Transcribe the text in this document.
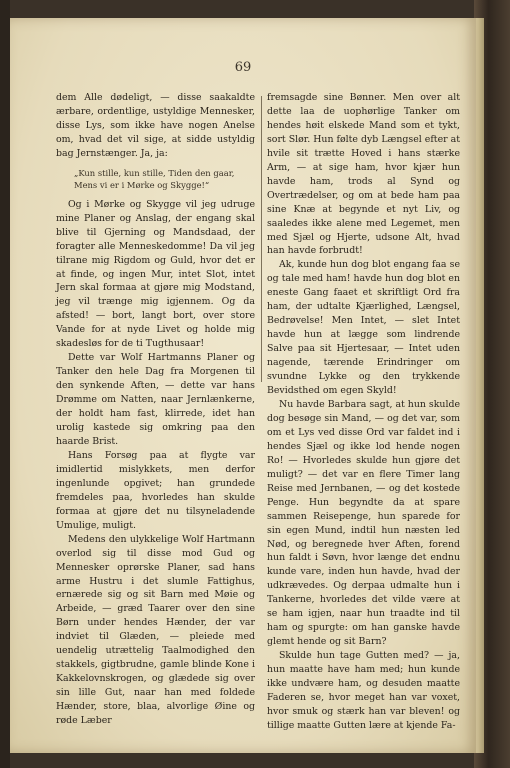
69

dem Alle dødeligt, — disse saakaldte ærbare, ordentlige, ustyldige Mennesker, disse Lys, som ikke have nogen Anelse om, hvad det vil sige, at sidde ustyldig bag Jernstænger. Ja, ja:

„Kun stille, kun stille, Tiden den gaar,
Mens vi er i Mørke og Skygge!“

Og i Mørke og Skygge vil jeg udruge mine Planer og Anslag, der engang skal blive til Gjerning og Mandsdaad, der foragter alle Menneskedomme! Da vil jeg tilrane mig Rigdom og Guld, hvor det er at finde, og ingen Mur, intet Slot, intet Jern skal formaa at gjøre mig Modstand, jeg vil trænge mig igjennem. Og da afsted! — bort, langt bort, over store Vande for at nyde Livet og holde mig skadesløs for de ti Tugthusaar!

Dette var Wolf Hartmanns Planer og Tanker den hele Dag fra Morgenen til den synkende Aften, — dette var hans Drømme om Natten, naar Jernlænkerne, der holdt ham fast, klirrede, idet han urolig kastede sig omkring paa den haarde Brist.

Hans Forsøg paa at flygte var imidlertid mislykkets, men derfor ingenlunde opgivet; han grundede fremdeles paa, hvorledes han skulde formaa at gjøre det nu tilsyneladende Umulige, muligt.

Medens den ulykkelige Wolf Hartmann overlod sig til disse mod Gud og Mennesker oprørske Planer, sad hans arme Hustru i det slumle Fattighus, ernærede sig og sit Barn med Møie og Arbeide, — græd Taarer over den sine Børn under hendes Hænder, der var indviet til Glæden, — pleiede med uendelig utrættelig Taalmodighed den stakkels, gigtbrudne, gamle blinde Kone i Kakkelovnskrogen, og glædede sig over sin lille Gut, naar han med foldede Hænder, store, blaa, alvorlige Øine og røde Læber

fremsagde sine Bønner. Men over alt dette laa de uophørlige Tanker om hendes høit elskede Mand som et tykt, sort Slør. Hun følte dyb Længsel efter at hvile sit trætte Hoved i hans stærke Arm, — at sige ham, hvor kjær hun havde ham, trods al Synd og Overtrædelser, og om at bede ham paa sine Knæ at begynde et nyt Liv, og saaledes ikke alene med Legemet, men med Sjæl og Hjerte, udsone Alt, hvad han havde forbrudt!

Ak, kunde hun dog blot engang faa se og tale med ham! havde hun dog blot en eneste Gang faaet et skriftligt Ord fra ham, der udtalte Kjærlighed, Længsel, Bedrøvelse! Men Intet, — slet Intet havde hun at lægge som lindrende Salve paa sit Hjertesaar, — Intet uden nagende, tærende Erindringer om svundne Lykke og den trykkende Bevidsthed om egen Skyld!

Nu havde Barbara sagt, at hun skulde dog besøge sin Mand, — og det var, som om et Lys ved disse Ord var faldet ind i hendes Sjæl og ikke lod hende nogen Ro! — Hvorledes skulde hun gjøre det muligt? — det var en flere Timer lang Reise med Jernbanen, — og det kostede Penge. Hun begyndte da at spare sammen Reisepenge, hun sparede for sin egen Mund, indtil hun næsten led Nød, og beregnede hver Aften, forend hun faldt i Søvn, hvor længe det endnu kunde vare, inden hun havde, hvad der udkrævedes. Og derpaa udmalte hun i Tankerne, hvorledes det vilde være at se ham igjen, naar hun traadte ind til ham og spurgte: om han ganske havde glemt hende og sit Barn?

Skulde hun tage Gutten med? — ja, hun maatte have ham med; hun kunde ikke undvære ham, og desuden maatte Faderen se, hvor meget han var voxet, hvor smuk og stærk han var bleven! og tillige maatte Gutten lære at kjende Fa-
